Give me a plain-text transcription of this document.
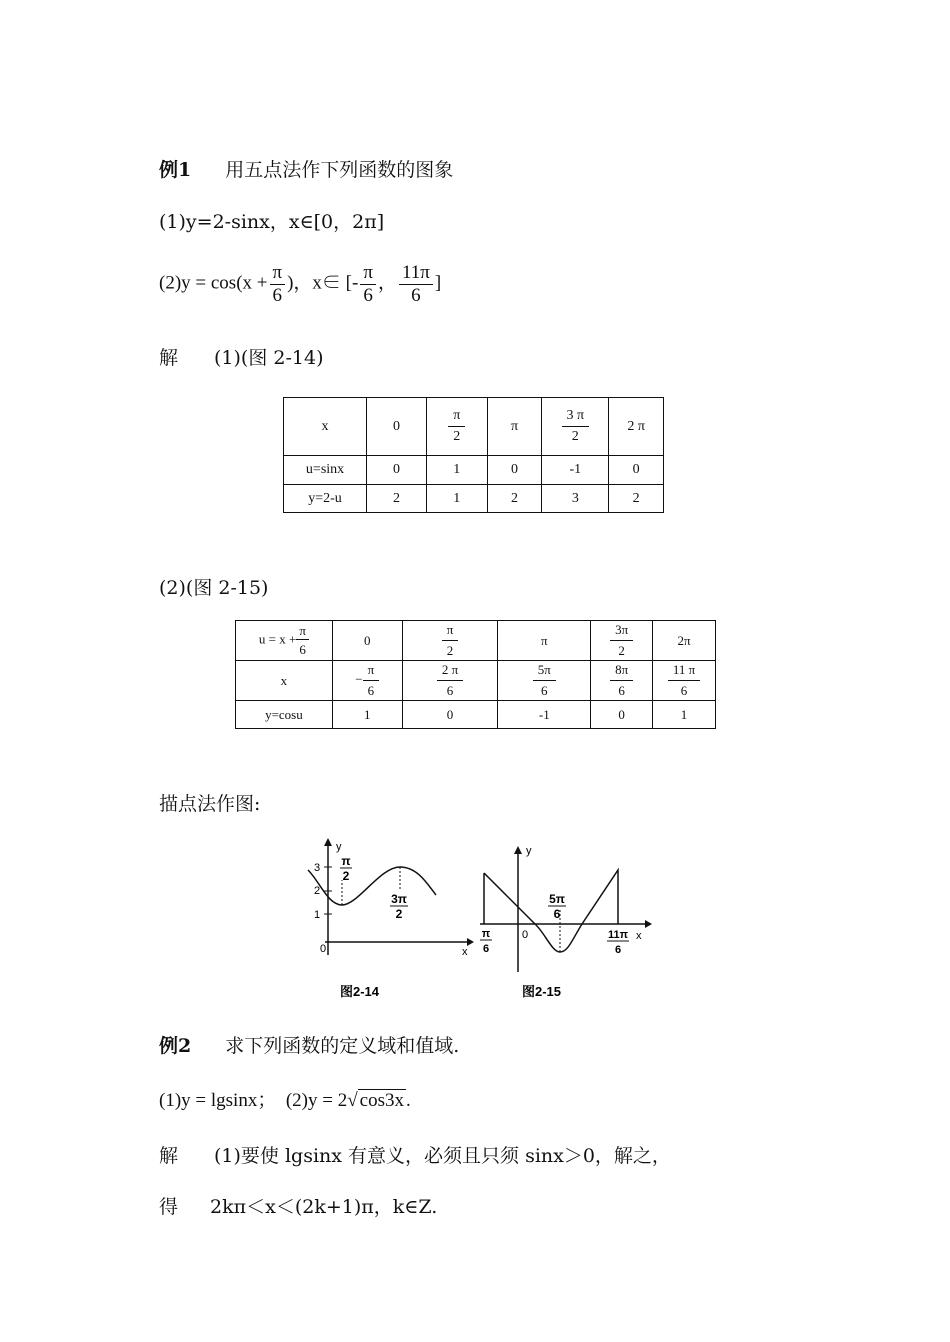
例1 用五点法作下列函数的图象
(1)y=2-sinx，x∈[0，2π]
$(2)y = \cos(x + \frac{\pi}{6}$ )，x∈ [- $\frac{\pi}{6}$ ， $\frac{11\pi}{6}$ ]
解 (1)(图 2-14)
x	0	$\frac{\pi}{2}$	π	$\frac{3 \pi}{2}$	2 π
u=sinx	0	1	0	-1	0
y=2-u	2	1	2	3	2
(2)(图 2-15)
$u = x + \frac{\pi}{6}$	0	$\frac{\pi}{2}$	π	$\frac{3\pi}{2}$	2π
x	− $\frac{\pi}{6}$	$\frac{2 \pi}{6}$	$\frac{5\pi}{6}$	$\frac{8\pi}{6}$	$\frac{11 \pi}{6}$

y=cosu	1	0	-1	0	1
描点法作图:
y
x
0
3
2
1
π
2
3π
2
图2-14
y
x
0
π
6
5π
6
11π
6
图2-15
例2 求下列函数的定义域和值域.
(1)y = lgsinx； (2)y = 2√ cos3x .
解 (1)要使 lgsinx 有意义，必须且只须 sinx＞0，解之，
得 2kπ＜x＜(2k+1)π，k∈Z.
